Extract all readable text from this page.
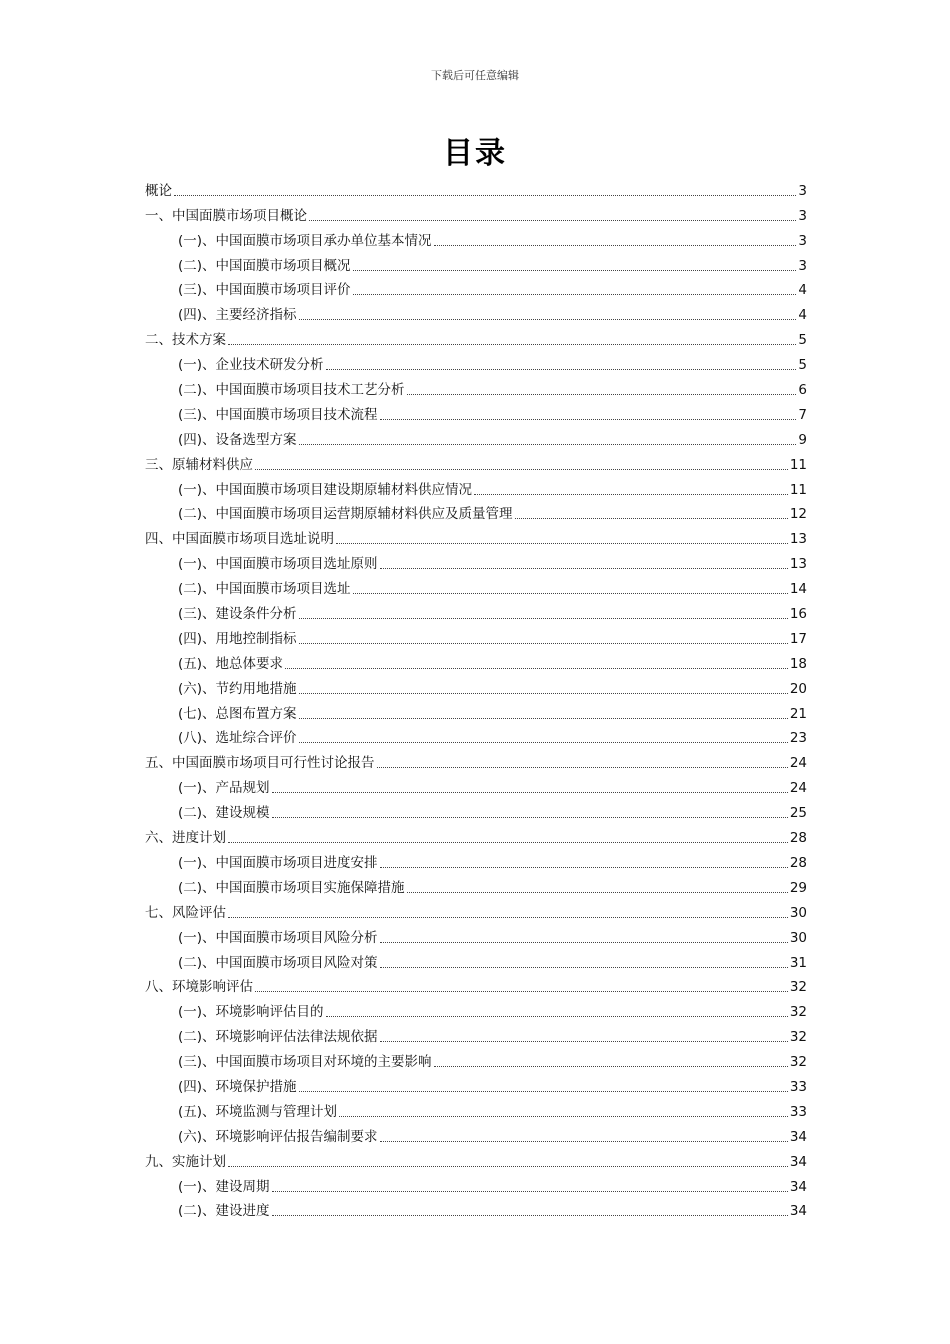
下载后可任意编辑
目录
概论	3
一、中国面膜市场项目概论	3
(一)、中国面膜市场项目承办单位基本情况	3
(二)、中国面膜市场项目概况	3
(三)、中国面膜市场项目评价	4
(四)、主要经济指标	4
二、技术方案	5
(一)、企业技术研发分析	5
(二)、中国面膜市场项目技术工艺分析	6
(三)、中国面膜市场项目技术流程	7
(四)、设备选型方案	9
三、原辅材料供应	11
(一)、中国面膜市场项目建设期原辅材料供应情况	11
(二)、中国面膜市场项目运营期原辅材料供应及质量管理	12
四、中国面膜市场项目选址说明	13
(一)、中国面膜市场项目选址原则	13
(二)、中国面膜市场项目选址	14
(三)、建设条件分析	16
(四)、用地控制指标	17
(五)、地总体要求	18
(六)、节约用地措施	20
(七)、总图布置方案	21
(八)、选址综合评价	23
五、中国面膜市场项目可行性讨论报告	24
(一)、产品规划	24
(二)、建设规模	25
六、进度计划	28
(一)、中国面膜市场项目进度安排	28
(二)、中国面膜市场项目实施保障措施	29
七、风险评估	30
(一)、中国面膜市场项目风险分析	30
(二)、中国面膜市场项目风险对策	31
八、环境影响评估	32
(一)、环境影响评估目的	32
(二)、环境影响评估法律法规依据	32
(三)、中国面膜市场项目对环境的主要影响	32
(四)、环境保护措施	33
(五)、环境监测与管理计划	33
(六)、环境影响评估报告编制要求	34
九、实施计划	34
(一)、建设周期	34
(二)、建设进度	34
